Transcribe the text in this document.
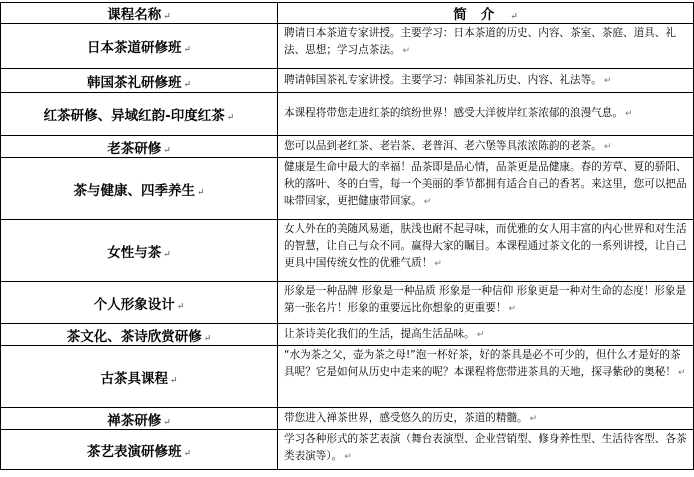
课程名称 ↵	简介 ↵
日本茶道研修班 ↵	聘请日本茶道专家讲授。主要学习：日本茶道的历史、内容、茶室、茶庭、道具、礼法、思想；学习点茶法。 ↵
韩国茶礼研修班 ↵	聘请韩国茶礼专家讲授。主要学习：韩国茶礼历史、内容、礼法等。 ↵
红茶研修、异域红韵-印度红茶 ↵	本课程将带您走进红茶的缤纷世界！感受大洋彼岸红茶浓郁的浪漫气息。 ↵
老茶研修 ↵	您可以品到老红茶、老岩茶、老普洱、老六堡等具浓浓陈韵的老茶。 ↵
茶与健康、四季养生 ↵	健康是生命中最大的幸福！品茶即是品心情，品茶更是品健康。春的芳草、夏的骄阳、秋的落叶、冬的白雪，每一个美丽的季节都拥有适合自己的香茗。来这里，您可以把品味带回家，更把健康带回家。 ↵
女性与茶 ↵	女人外在的美随风易逝，肤浅也耐不起寻味，而优雅的女人用丰富的内心世界和对生活的智慧，让自己与众不同。赢得大家的瞩目。本课程通过茶文化的一系列讲授，让自己更具中国传统女性的优雅气质！ ↵
个人形象设计 ↵	形象是一种品牌 形象是一种品质 形象是一种信仰 形象更是一种对生命的态度！形象是第一张名片！形象的重要远比你想象的更重要！ ↵
茶文化、茶诗欣赏研修 ↵	让茶诗美化我们的生活，提高生活品味。 ↵
古茶具课程 ↵	“水为茶之父，壶为茶之母!”泡一杯好茶，好的茶具是必不可少的，但什么才是好的茶具呢？它是如何从历史中走来的呢？本课程将您带进茶具的天地，探寻紫砂的奥秘！ ↵
禅茶研修 ↵	带您进入禅茶世界，感受悠久的历史，茶道的精髓。 ↵
茶艺表演研修班 ↵	学习各种形式的茶艺表演（舞台表演型、企业营销型、修身养性型、生活待客型、各茶类表演等）。 ↵
